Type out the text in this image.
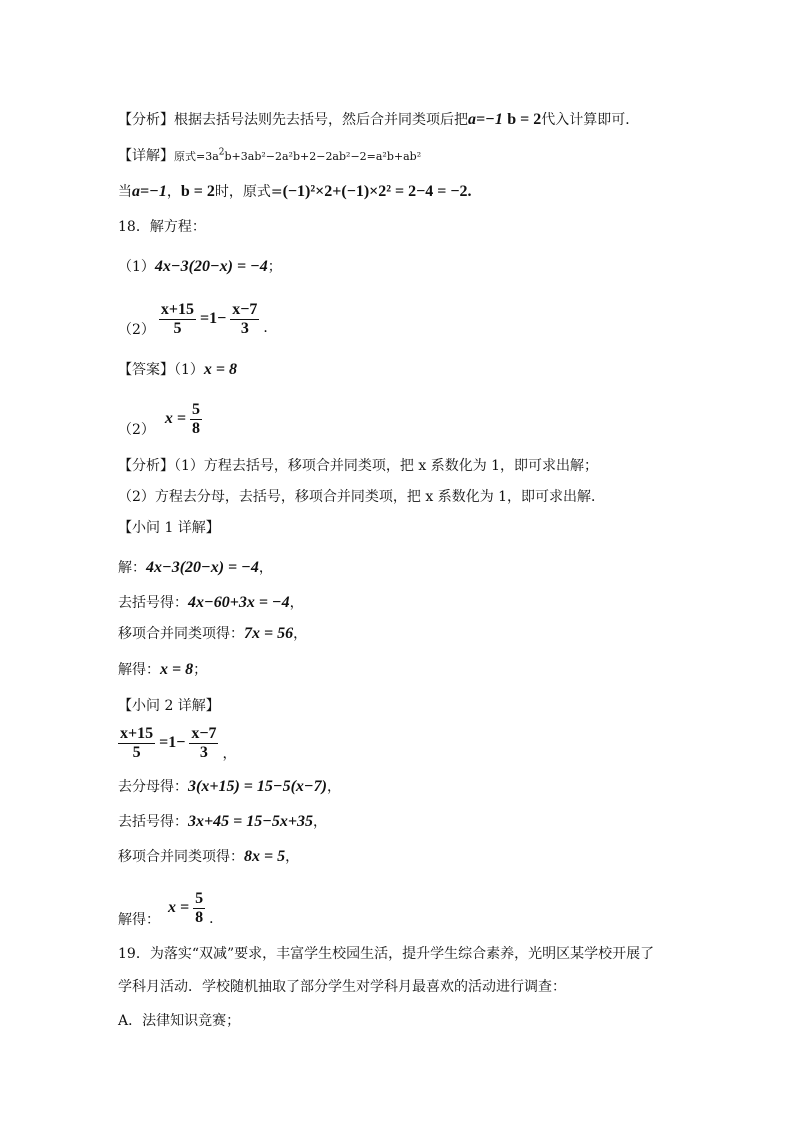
【分析】根据去括号法则先去括号，然后合并同类项后把a=−1 b = 2代入计算即可．
【详解】原式$=3a^2b+3ab^2-2a^2b+2-2ab^2-2=a^2b+ab^2$
当a=−1，b = 2时，原式=(−1)²×2+(−1)×2² = 2−4 = −2.
18．解方程：
（1）4x−3(20−x) = −4；
$(2) \frac{x+15}{5} =1- \frac{x-7}{3}$ ．
【答案】（1）x = 8
（2）
$x = \frac{5}{8}$
【分析】（1）方程去括号，移项合并同类项，把 x 系数化为 1，即可求出解；
（2）方程去分母，去括号，移项合并同类项，把 x 系数化为 1，即可求出解．
【小问 1 详解】
解：4x−3(20−x) = −4，
去括号得：4x−60+3x = −4，
移项合并同类项得：7x = 56，
解得：x = 8；
【小问 2 详解】
$\frac{x+15}{5} =1- \frac{x-7}{3}$ ，
去分母得：3(x+15) = 15−5(x−7)，
去括号得：3x+45 = 15−5x+35，
移项合并同类项得：8x = 5，
解得：
$x = \frac{5}{8}$ ．
19．为落实“双减”要求，丰富学生校园生活，提升学生综合素养，光明区某学校开展了
学科月活动．学校随机抽取了部分学生对学科月最喜欢的活动进行调查：
A．法律知识竞赛；
